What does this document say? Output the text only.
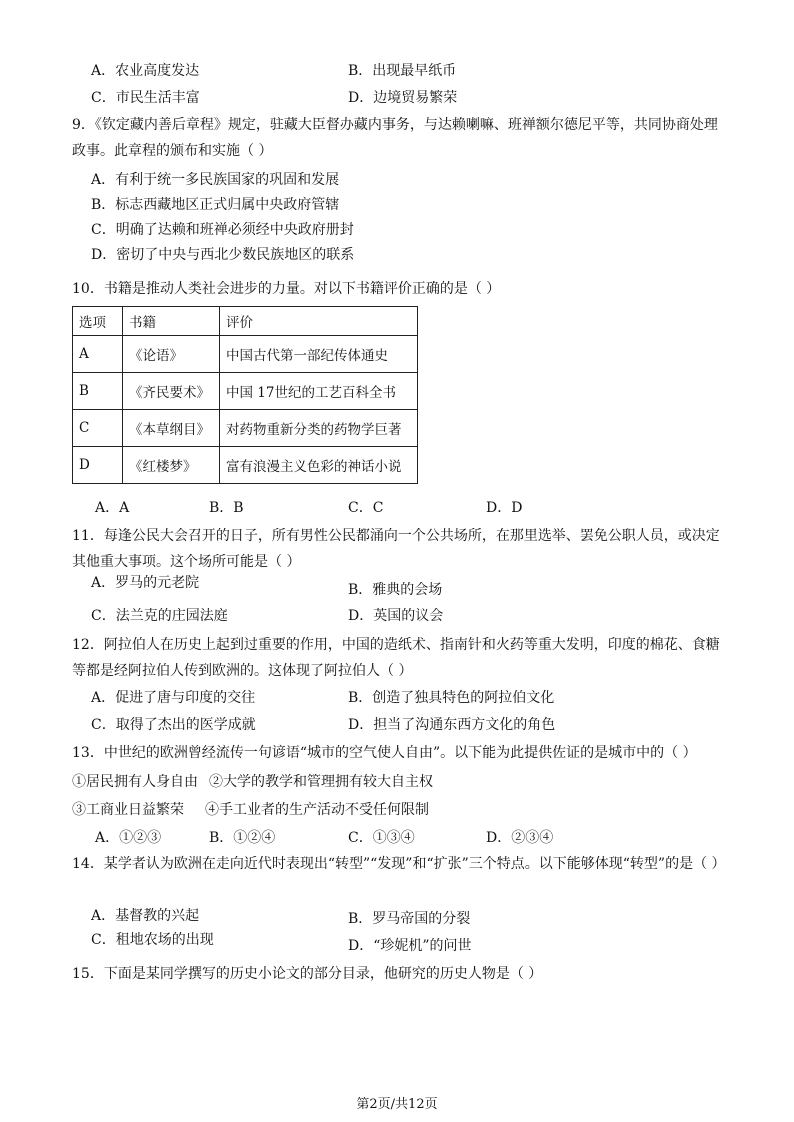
A．农业高度发达	B．出现最早纸币
C．市民生活丰富	D．边境贸易繁荣
9．《钦定藏内善后章程》规定，驻藏大臣督办藏内事务，与达赖喇嘛、班禅额尔德尼平等，共同协商处理政事。此章程的颁布和实施（ ）
A．有利于统一多民族国家的巩固和发展
B．标志西藏地区正式归属中央政府管辖
C．明确了达赖和班禅必须经中央政府册封
D．密切了中央与西北少数民族地区的联系
10．书籍是推动人类社会进步的力量。对以下书籍评价正确的是（ ）
选项	书籍	评价
A	《论语》	中国古代第一部纪传体通史
B	《齐民要术》	中国 17世纪的工艺百科全书
C	《本草纲目》	对药物重新分类的药物学巨著
D	《红楼梦》	富有浪漫主义色彩的神话小说
A．A	B．B	C．C	D．D
11．每逢公民大会召开的日子，所有男性公民都涌向一个公共场所，在那里选举、罢免公职人员，或决定其他重大事项。这个场所可能是（ ）
A．罗马的元老院	B．雅典的会场
C．法兰克的庄园法庭	D．英国的议会
12．阿拉伯人在历史上起到过重要的作用，中国的造纸术、指南针和火药等重大发明，印度的棉花、食糖等都是经阿拉伯人传到欧洲的。这体现了阿拉伯人（ ）
A．促进了唐与印度的交往	B．创造了独具特色的阿拉伯文化
C．取得了杰出的医学成就	D．担当了沟通东西方文化的角色
13．中世纪的欧洲曾经流传一句谚语“城市的空气使人自由”。以下能为此提供佐证的是城市中的（ ）
①居民拥有人身自由 ②大学的教学和管理拥有较大自主权
③工商业日益繁荣 ④手工业者的生产活动不受任何限制
A．①②③	B．①②④	C．①③④	D．②③④
14．某学者认为欧洲在走向近代时表现出“转型”“发现”和“扩张”三个特点。以下能够体现“转型”的是（ ）
A．基督教的兴起	B．罗马帝国的分裂
C．租地农场的出现	D．“珍妮机”的问世
15．下面是某同学撰写的历史小论文的部分目录，他研究的历史人物是（ ）
第2页/共12页
